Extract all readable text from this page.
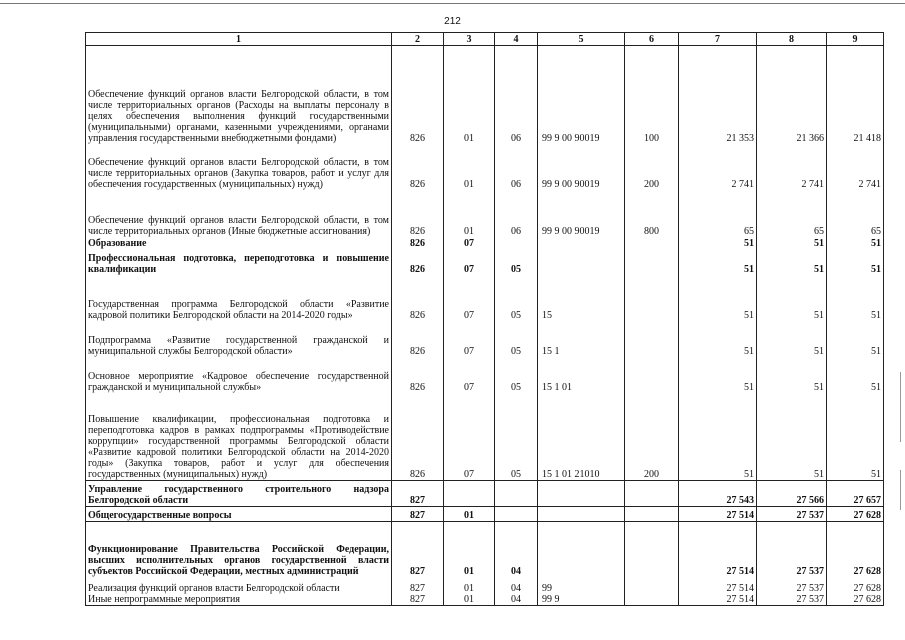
212
1	2	3	4	5	6	7	8	9
Обеспечение функций органов власти Белгородской области, в том числе территориальных органов (Расходы на выплаты персоналу в целях обеспечения выполнения функций государственными (муниципальными) органами, казенными учреждениями, органами управления государственными внебюджетными фондами)	826	01	06	99 9 00 90019	100	21 353	21 366	21 418
Обеспечение функций органов власти Белгородской области, в том числе территориальных органов (Закупка товаров, работ и услуг для обеспечения государственных (муниципальных) нужд)	826	01	06	99 9 00 90019	200	2 741	2 741	2 741
Обеспечение функций органов власти Белгородской области, в том числе территориальных органов (Иные бюджетные ассигнования)	826	01	06	99 9 00 90019	800	65	65	65
Образование	826	07				51	51	51
Профессиональная подготовка, переподготовка и повышение квалификации	826	07	05			51	51	51
Государственная программа Белгородской области «Развитие кадровой политики Белгородской области на 2014-2020 годы»	826	07	05	15		51	51	51
Подпрограмма «Развитие государственной гражданской и муниципальной службы Белгородской области»	826	07	05	15 1		51	51	51
Основное мероприятие «Кадровое обеспечение государственной гражданской и муниципальной службы»	826	07	05	15 1 01		51	51	51
Повышение квалификации, профессиональная подготовка и переподготовка кадров в рамках подпрограммы «Противодействие коррупции» государственной программы Белгородской области «Развитие кадровой политики Белгородской области на 2014-2020 годы» (Закупка товаров, работ и услуг для обеспечения государственных (муниципальных) нужд)	826	07	05	15 1 01 21010	200	51	51	51
Управление государственного строительного надзора Белгородской области	827					27 543	27 566	27 657
Общегосударственные вопросы	827	01				27 514	27 537	27 628
Функционирование Правительства Российской Федерации, высших исполнительных органов государственной власти субъектов Российской Федерации, местных администраций	827	01	04			27 514	27 537	27 628
Реализация функций органов власти Белгородской области	827	01	04	99		27 514	27 537	27 628
Иные непрограммные мероприятия	827	01	04	99 9		27 514	27 537	27 628
